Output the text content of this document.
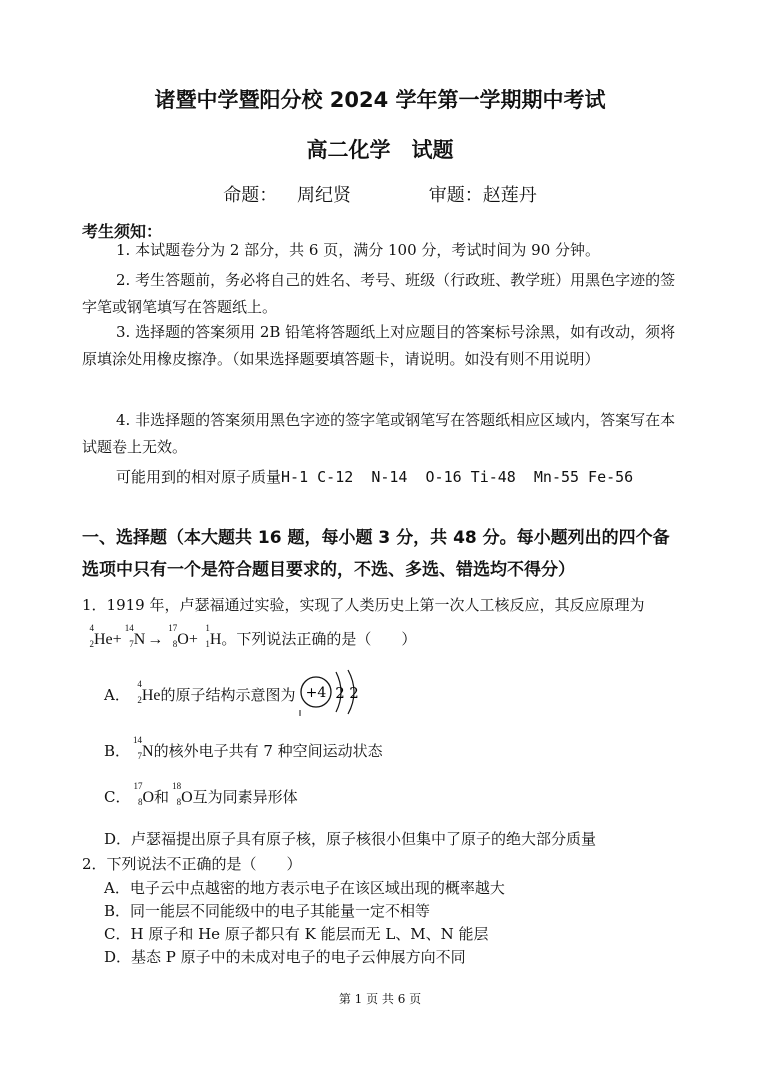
诸暨中学暨阳分校 2024 学年第一学期期中考试
高二化学　试题
命题： 周纪贤	审题：赵莲丹
考生须知：
1. 本试题卷分为 2 部分，共 6 页，满分 100 分，考试时间为 90 分钟。
2. 考生答题前，务必将自己的姓名、考号、班级（行政班、教学班）用黑色字迹的签字笔或钢笔填写在答题纸上。
3. 选择题的答案须用 2B 铅笔将答题纸上对应题目的答案标号涂黑，如有改动，须将原填涂处用橡皮擦净。（如果选择题要填答题卡，请说明。如没有则不用说明）
4. 非选择题的答案须用黑色字迹的签字笔或钢笔写在答题纸相应区域内，答案写在本试题卷上无效。
可能用到的相对原子质量H-1 C-12  N-14  O-16 Ti-48  Mn-55 Fe-56
一、选择题（本大题共 16 题，每小题 3 分，共 48 分。每小题列出的四个备选项中只有一个是符合题目要求的，不选、多选、错选均不得分）
1．1919 年，卢瑟福通过实验，实现了人类历史上第一次人工核反应，其反应原理为
4
2 He+
14
7 N →
17
8 O+
1
1 H。下列说法正确的是（　　）
A．
4
2 He的原子结构示意图为 +4 2 2
B．
14
7 N的核外电子共有 7 种空间运动状态
C．
17
8 O和
18
8 O互为同素异形体
D．卢瑟福提出原子具有原子核，原子核很小但集中了原子的绝大部分质量
2．下列说法不正确的是（　　）
A．电子云中点越密的地方表示电子在该区域出现的概率越大
B．同一能层不同能级中的电子其能量一定不相等
C．H 原子和 He 原子都只有 K 能层而无 L、M、N 能层
D．基态 P 原子中的未成对电子的电子云伸展方向不同
第 1 页 共 6 页
